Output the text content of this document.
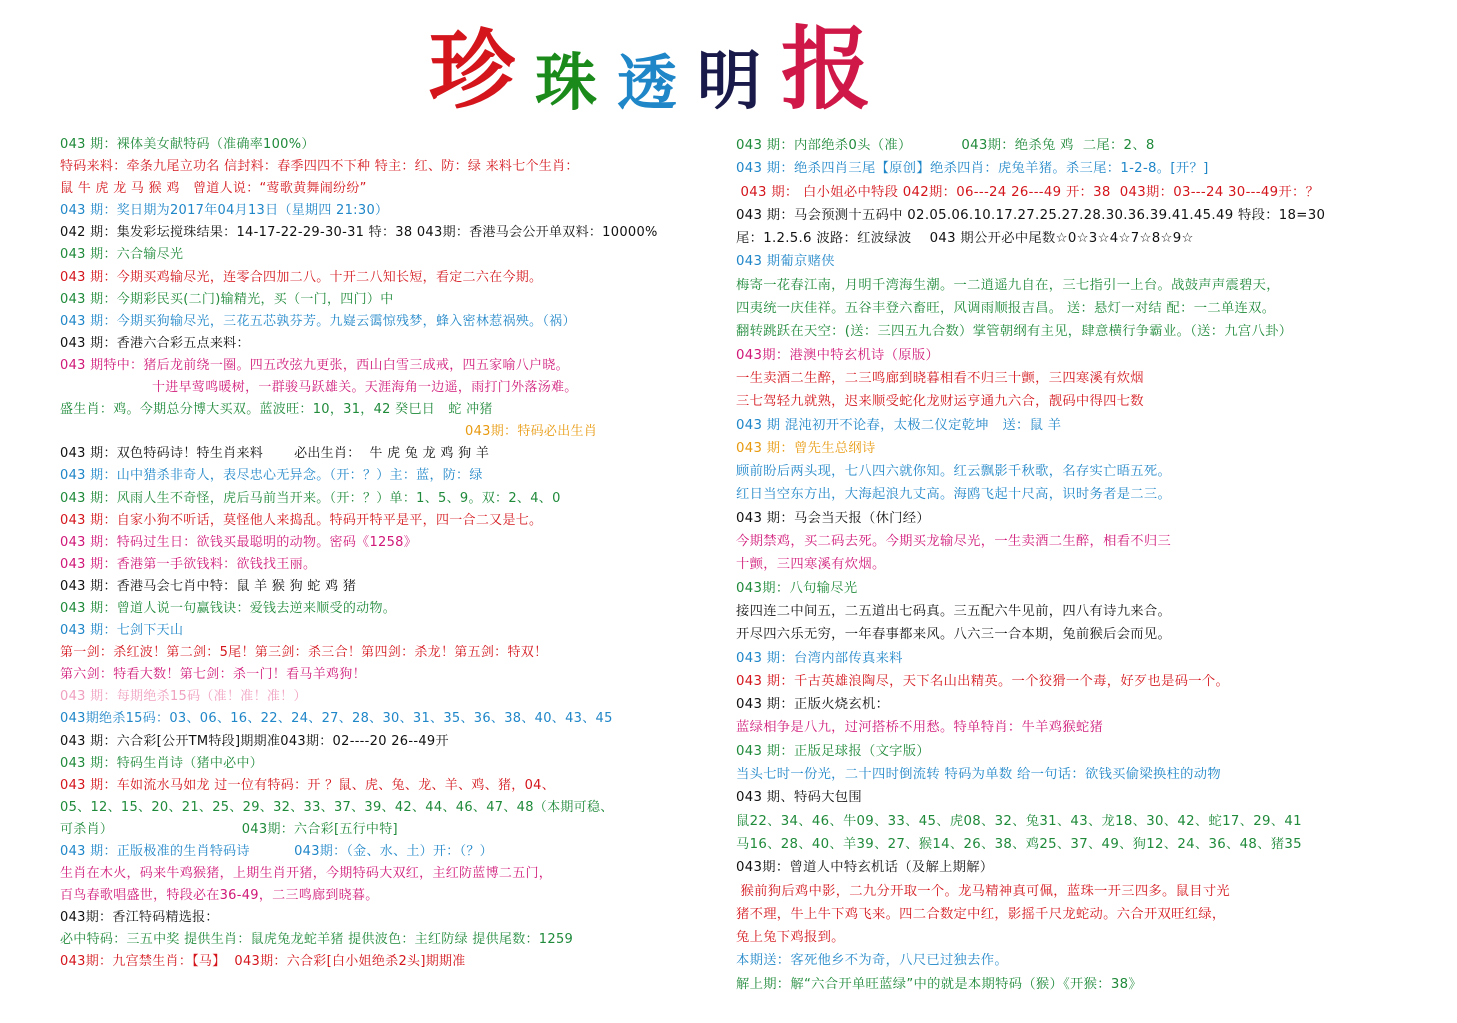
珍 珠 透 明 报
043 期：裸体美女献特码（准确率100%）
特码来料：牵条九尾立功名 信封料：春季四四不下种 特主：红、防：绿 来料七个生肖：
鼠 牛 虎 龙 马 猴 鸡   曾道人说：“莺歌黄舞闹纷纷”
043 期：奖日期为2017年04月13日（星期四 21:30）
042 期：集发彩坛搅珠结果：14-17-22-29-30-31 特：38 043期：香港马会公开单双料：10000%
043 期：六合输尽光
043 期：今期买鸡输尽光，连零合四加二八。十开二八知长短，看定二六在今期。
043 期：今期彩民买(二门)输精光，买（一门，四门）中
043 期：今期买狗输尽光，三花五芯孰芬芳。九嶷云霭惊残梦，蜂入密林惹祸殃。（祸）
043 期：香港六合彩五点来料：
043 期特中：猪后龙前绕一圈。四五改弦九更张，西山白雪三成戒，四五家喻八户晓。
十进早莺鸣暖树，一群骏马跃雄关。天涯海角一边遥，雨打门外落汤难。
盛生肖：鸡。今期总分博大买双。蓝波旺：10，31，42 癸巳日   蛇 冲猪
043期：特码必出生肖
043 期：双色特码诗！特生肖来料       必出生肖：  牛 虎 兔 龙 鸡 狗 羊
043 期：山中猎杀非奇人，表尽忠心无异念。（开：？）主：蓝，防：绿
043 期：风雨人生不奇怪，虎后马前当开来。（开：？）单：1、5、9。双：2、4、0
043 期：自家小狗不听话，莫怪他人来捣乱。特码开特平是平，四一合二又是七。
043 期：特码过生日：欲钱买最聪明的动物。密码《1258》
043 期：香港第一手欲钱料：欲钱找王丽。
043 期：香港马会七肖中特：鼠 羊 猴 狗 蛇 鸡 猪
043 期：曾道人说一句赢钱诀：爱钱去逆来顺受的动物。
043 期：七剑下天山
第一剑：杀红波！第二剑：5尾！第三剑：杀三合！第四剑：杀龙！第五剑：特双！
第六剑：特看大数！第七剑：杀一门！看马羊鸡狗！
043 期：每期绝杀15码（准！准！准！）
043期绝杀15码：03、06、16、22、24、27、28、30、31、35、36、38、40、43、45
043 期：六合彩[公开TM特段]期期准043期：02----20 26--49开
043 期：特码生肖诗（猪中必中）
043 期：车如流水马如龙 过一位有特码：开 ？鼠、虎、兔、龙、羊、鸡、猪，04、
05、12、15、20、21、25、29、32、33、37、39、42、44、46、47、48（本期可稳、
可杀肖）                             043期：六合彩[五行中特]
043 期：正版极准的生肖特码诗          043期：（金、水、土）开：（？）
生肖在木火，码来牛鸡猴猪，上期生肖开猪，今期特码大双红，主红防蓝博二五门，
百鸟春歌唱盛世，特段必在36-49，二三鸣廊到晓暮。
043期：香江特码精选报：
必中特码：三五中奖 提供生肖：鼠虎兔龙蛇羊猪 提供波色：主红防绿 提供尾数：1259
043期：九宫禁生肖：【马】  043期：六合彩[白小姐绝杀2头]期期准
043 期：内部绝杀0头（准）           043期：绝杀兔 鸡  二尾：2、8
043 期：绝杀四肖三尾【原创】绝杀四肖：虎兔羊猪。杀三尾：1-2-8。[开？]
043 期： 白小姐必中特段 042期：06---24 26---49 开：38  043期：03---24 30---49开：？
043 期：马会预测十五码中 02.05.06.10.17.27.25.27.28.30.36.39.41.45.49 特段：18=30
尾：1.2.5.6 波路：红波绿波    043 期公开必中尾数☆0☆3☆4☆7☆8☆9☆
043 期葡京赌侠
梅寄一花春江南，月明千湾海生潮。一二逍遥九自在，三七指引一上台。战鼓声声震碧天，
四夷统一庆佳祥。五谷丰登六畜旺，风调雨顺报吉昌。 送：悬灯一对结 配：一二单连双。
翻转跳跃在天空：(送：三四五九合数）掌管朝纲有主见，肆意横行争霸业。（送：九宫八卦）
043期：港澳中特玄机诗（原版）
一生卖酒二生醉，二三鸣廊到晓暮相看不归三十颤，三四寒溪有炊烟
三七驾轻九就熟，迟来顺受蛇化龙财运亨通九六合，靓码中得四七数
043 期 混沌初开不论春，太极二仪定乾坤   送：鼠 羊
043 期：曾先生总纲诗
顾前盼后两头现，七八四六就你知。红云飘影千秋歌，名存实亡晤五死。
红日当空东方出，大海起浪九丈高。海鸥飞起十尺高，识时务者是二三。
043 期：马会当天报（休门经）
今期禁鸡，买二码去死。今期买龙输尽光，一生卖酒二生醉，相看不归三
十颤，三四寒溪有炊烟。
043期：八句输尽光
接四连二中间五，二五道出七码真。三五配六牛见前，四八有诗九来合。
开尽四六乐无穷，一年春事都来风。八六三一合本期，兔前猴后会而见。
043 期：台湾内部传真来料
043 期：千古英雄浪陶尽，天下名山出精英。一个狡猾一个毒，好歹也是码一个。
043 期：正版火烧玄机：
蓝绿相争是八九，过河搭桥不用愁。特单特肖：牛羊鸡猴蛇猪
043 期：正版足球报（文字版）
当头七时一份光，二十四时倒流转 特码为单数 给一句话：欲钱买偷梁换柱的动物
043 期、特码大包围
鼠22、34、46、牛09、33、45、虎08、32、兔31、43、龙18、30、42、蛇17、29、41
马16、28、40、羊39、27、猴14、26、38、鸡25、37、49、狗12、24、36、48、猪35
043期：曾道人中特玄机话（及解上期解）
猴前狗后鸡中影，二九分开取一个。龙马精神真可佩，蓝珠一开三四多。鼠目寸光
猪不理，牛上牛下鸡飞来。四二合数定中红，影摇千尺龙蛇动。六合开双旺红绿，
兔上兔下鸡报到。
本期送：客死他乡不为奇，八尺已过独去作。
解上期：解“六合开单旺蓝绿”中的就是本期特码（猴）《开猴：38》
